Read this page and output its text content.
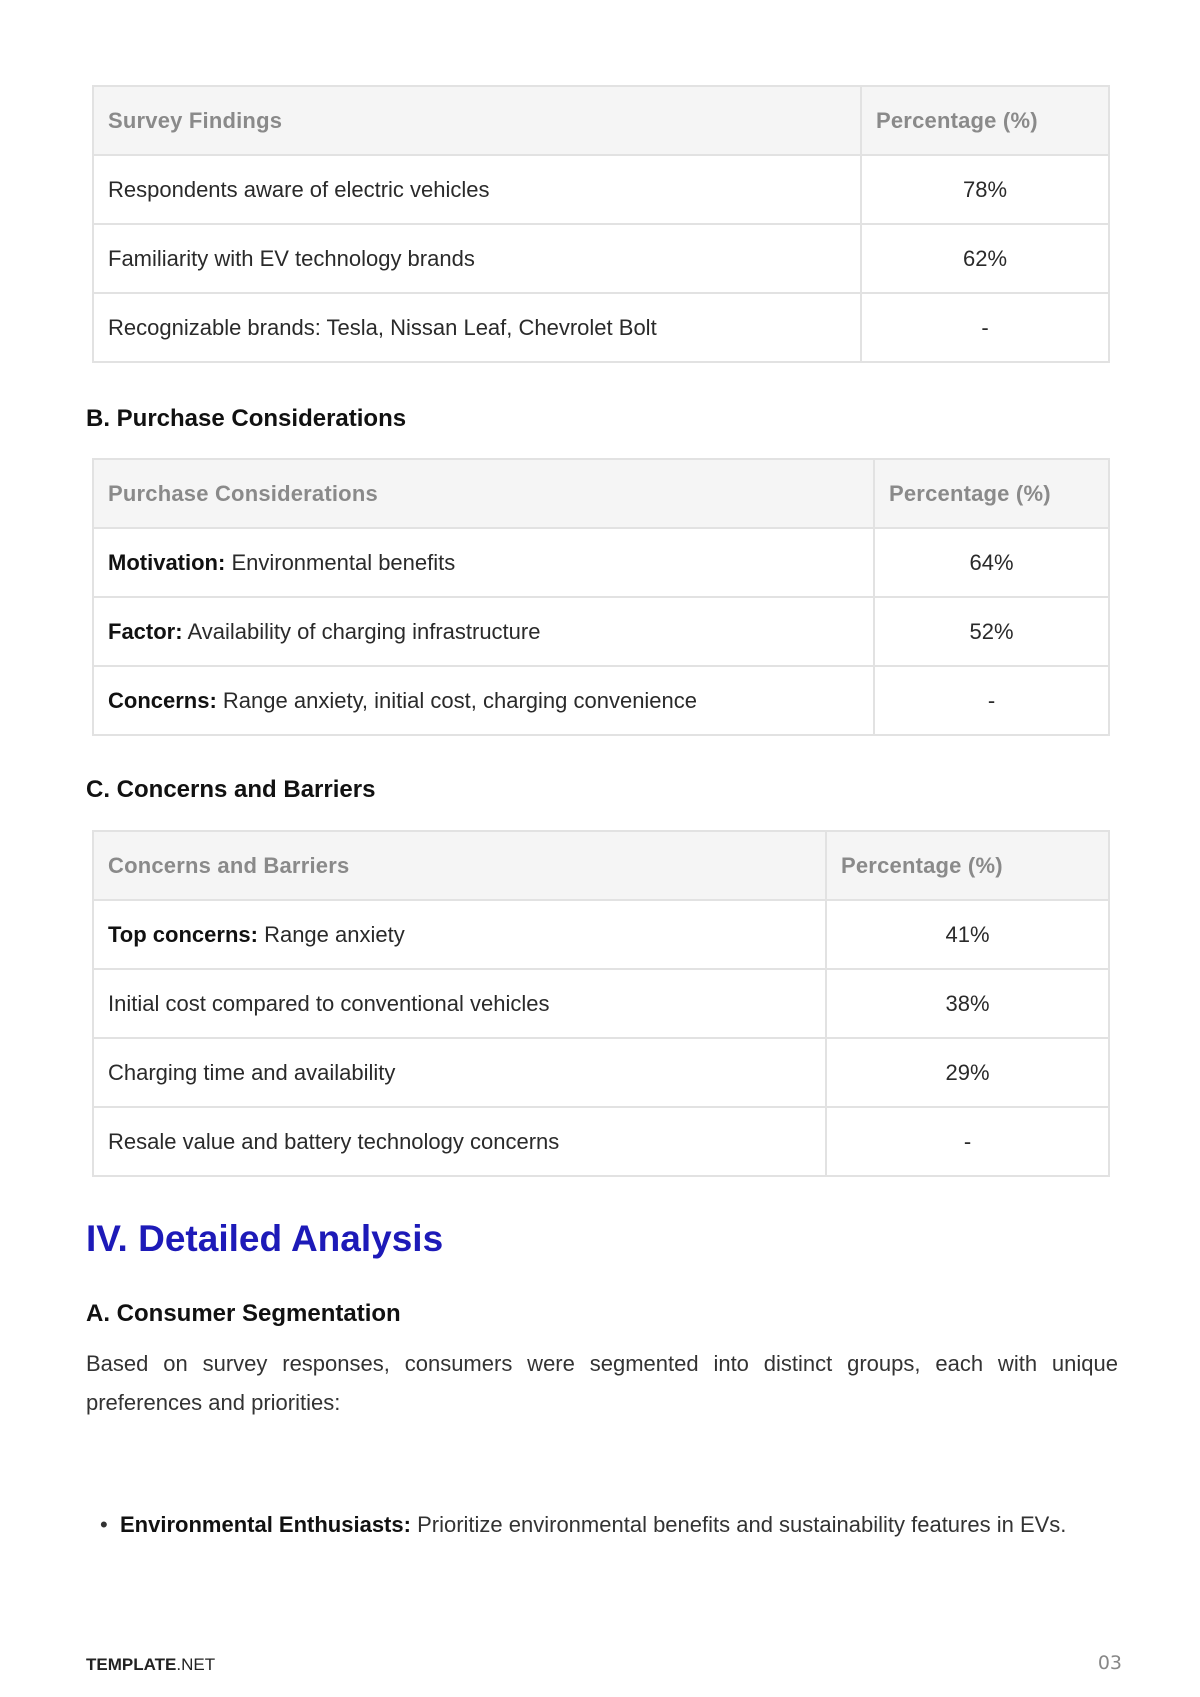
Survey Findings	Percentage (%)
Respondents aware of electric vehicles	78%
Familiarity with EV technology brands	62%
Recognizable brands: Tesla, Nissan Leaf, Chevrolet Bolt	-
B. Purchase Considerations
Purchase Considerations	Percentage (%)
Motivation: Environmental benefits	64%
Factor: Availability of charging infrastructure	52%
Concerns: Range anxiety, initial cost, charging convenience	-
C. Concerns and Barriers
Concerns and Barriers	Percentage (%)
Top concerns: Range anxiety	41%
Initial cost compared to conventional vehicles	38%
Charging time and availability	29%
Resale value and battery technology concerns	-
IV. Detailed Analysis
A. Consumer Segmentation

Based on survey responses, consumers were segmented into distinct groups, each with unique preferences and priorities:

• Environmental Enthusiasts: Prioritize environmental benefits and sustainability features in EVs.
TEMPLATE.NET	03
